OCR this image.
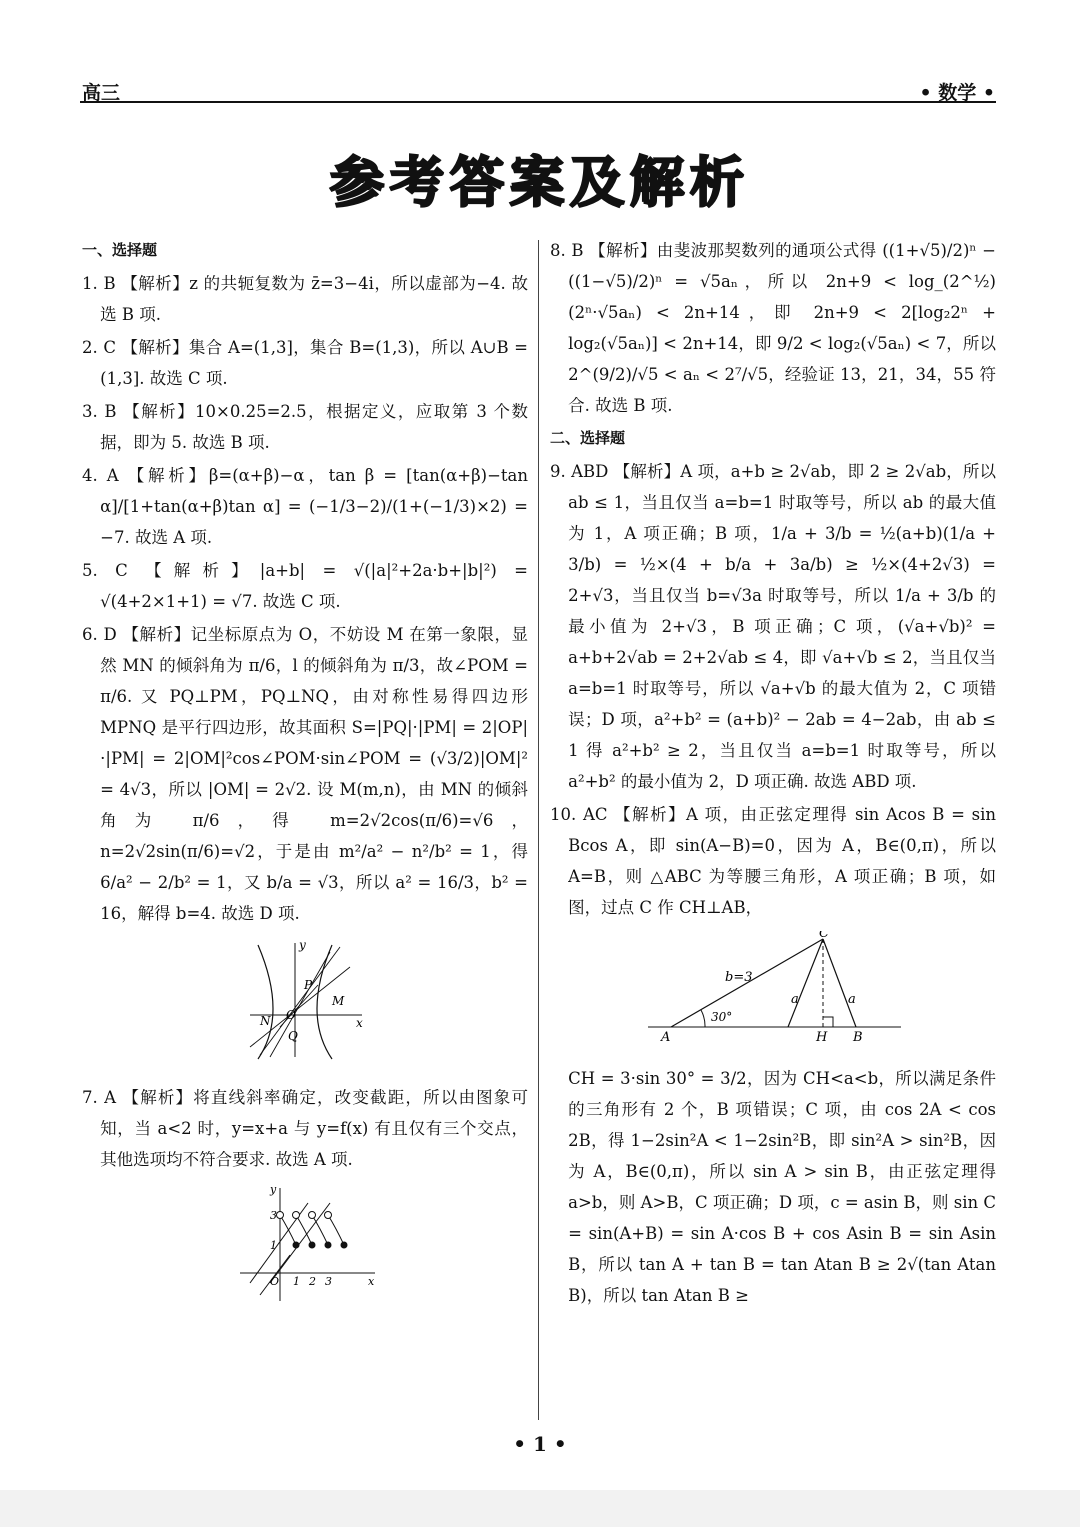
高三	• 数学 •
参考答案及解析
一、选择题
1. B 【解析】z 的共轭复数为 z̄=3−4i，所以虚部为−4. 故选 B 项.
2. C 【解析】集合 A=(1,3]，集合 B=(1,3)，所以 A∪B =(1,3]. 故选 C 项.
3. B 【解析】10×0.25=2.5，根据定义，应取第 3 个数据，即为 5. 故选 B 项.
4. A 【解析】β=(α+β)−α，tan β = [tan(α+β)−tan α]/[1+tan(α+β)tan α] = (−1/3−2)/(1+(−1/3)×2) = −7. 故选 A 项.
5. C 【解析】|a+b| = √(|a|²+2a·b+|b|²) = √(4+2×1+1) = √7. 故选 C 项.
6. D 【解析】记坐标原点为 O，不妨设 M 在第一象限，显然 MN 的倾斜角为 π/6，l 的倾斜角为 π/3，故∠POM = π/6. 又 PQ⊥PM，PQ⊥NQ，由对称性易得四边形 MPNQ 是平行四边形，故其面积 S=|PQ|·|PM| = 2|OP|·|PM| = 2|OM|²cos∠POM·sin∠POM = (√3/2)|OM|² = 4√3，所以 |OM| = 2√2. 设 M(m,n)，由 MN 的倾斜角为 π/6，得 m=2√2cos(π/6)=√6，n=2√2sin(π/6)=√2，于是由 m²/a² − n²/b² = 1，得 6/a² − 2/b² = 1，又 b/a = √3，所以 a² = 16/3，b² = 16，解得 b=4. 故选 D 项.
y
x
P
M
N O
Q
7. A 【解析】将直线斜率确定，改变截距，所以由图象可知，当 a<2 时，y=x+a 与 y=f(x) 有且仅有三个交点，其他选项均不符合要求. 故选 A 项.
y
x
O 1 2 3
3
1
8. B 【解析】由斐波那契数列的通项公式得 ((1+√5)/2)ⁿ − ((1−√5)/2)ⁿ = √5aₙ，所以 2n+9 < log_(2^½)(2ⁿ·√5aₙ) < 2n+14，即 2n+9 < 2[log₂2ⁿ + log₂(√5aₙ)] < 2n+14，即 9/2 < log₂(√5aₙ) < 7，所以 2^(9/2)/√5 < aₙ < 2⁷/√5，经验证 13，21，34，55 符合. 故选 B 项.
二、选择题
9. ABD 【解析】A 项，a+b ≥ 2√ab，即 2 ≥ 2√ab，所以 ab ≤ 1，当且仅当 a=b=1 时取等号，所以 ab 的最大值为 1，A 项正确；B 项，1/a + 3/b = ½(a+b)(1/a + 3/b) = ½×(4 + b/a + 3a/b) ≥ ½×(4+2√3) = 2+√3，当且仅当 b=√3a 时取等号，所以 1/a + 3/b 的最小值为 2+√3，B 项正确；C 项，(√a+√b)² = a+b+2√ab = 2+2√ab ≤ 4，即 √a+√b ≤ 2，当且仅当 a=b=1 时取等号，所以 √a+√b 的最大值为 2，C 项错误；D 项，a²+b² = (a+b)² − 2ab = 4−2ab，由 ab ≤ 1 得 a²+b² ≥ 2，当且仅当 a=b=1 时取等号，所以 a²+b² 的最小值为 2，D 项正确. 故选 ABD 项.
10. AC 【解析】A 项，由正弦定理得 sin Acos B = sin Bcos A，即 sin(A−B)=0，因为 A，B∈(0,π)，所以 A=B，则 △ABC 为等腰三角形，A 项正确；B 项，如图，过点 C 作 CH⊥AB，
C
b=3
a	a
30°
A	H B
CH = 3·sin 30° = 3/2，因为 CH<a<b，所以满足条件的三角形有 2 个，B 项错误；C 项，由 cos 2A < cos 2B，得 1−2sin²A < 1−2sin²B，即 sin²A > sin²B，因为 A，B∈(0,π)，所以 sin A > sin B，由正弦定理得 a>b，则 A>B，C 项正确；D 项，c = asin B，则 sin C = sin(A+B) = sin A·cos B + cos Asin B = sin Asin B，所以 tan A + tan B = tan Atan B ≥ 2√(tan Atan B)，所以 tan Atan B ≥
• 1 •
